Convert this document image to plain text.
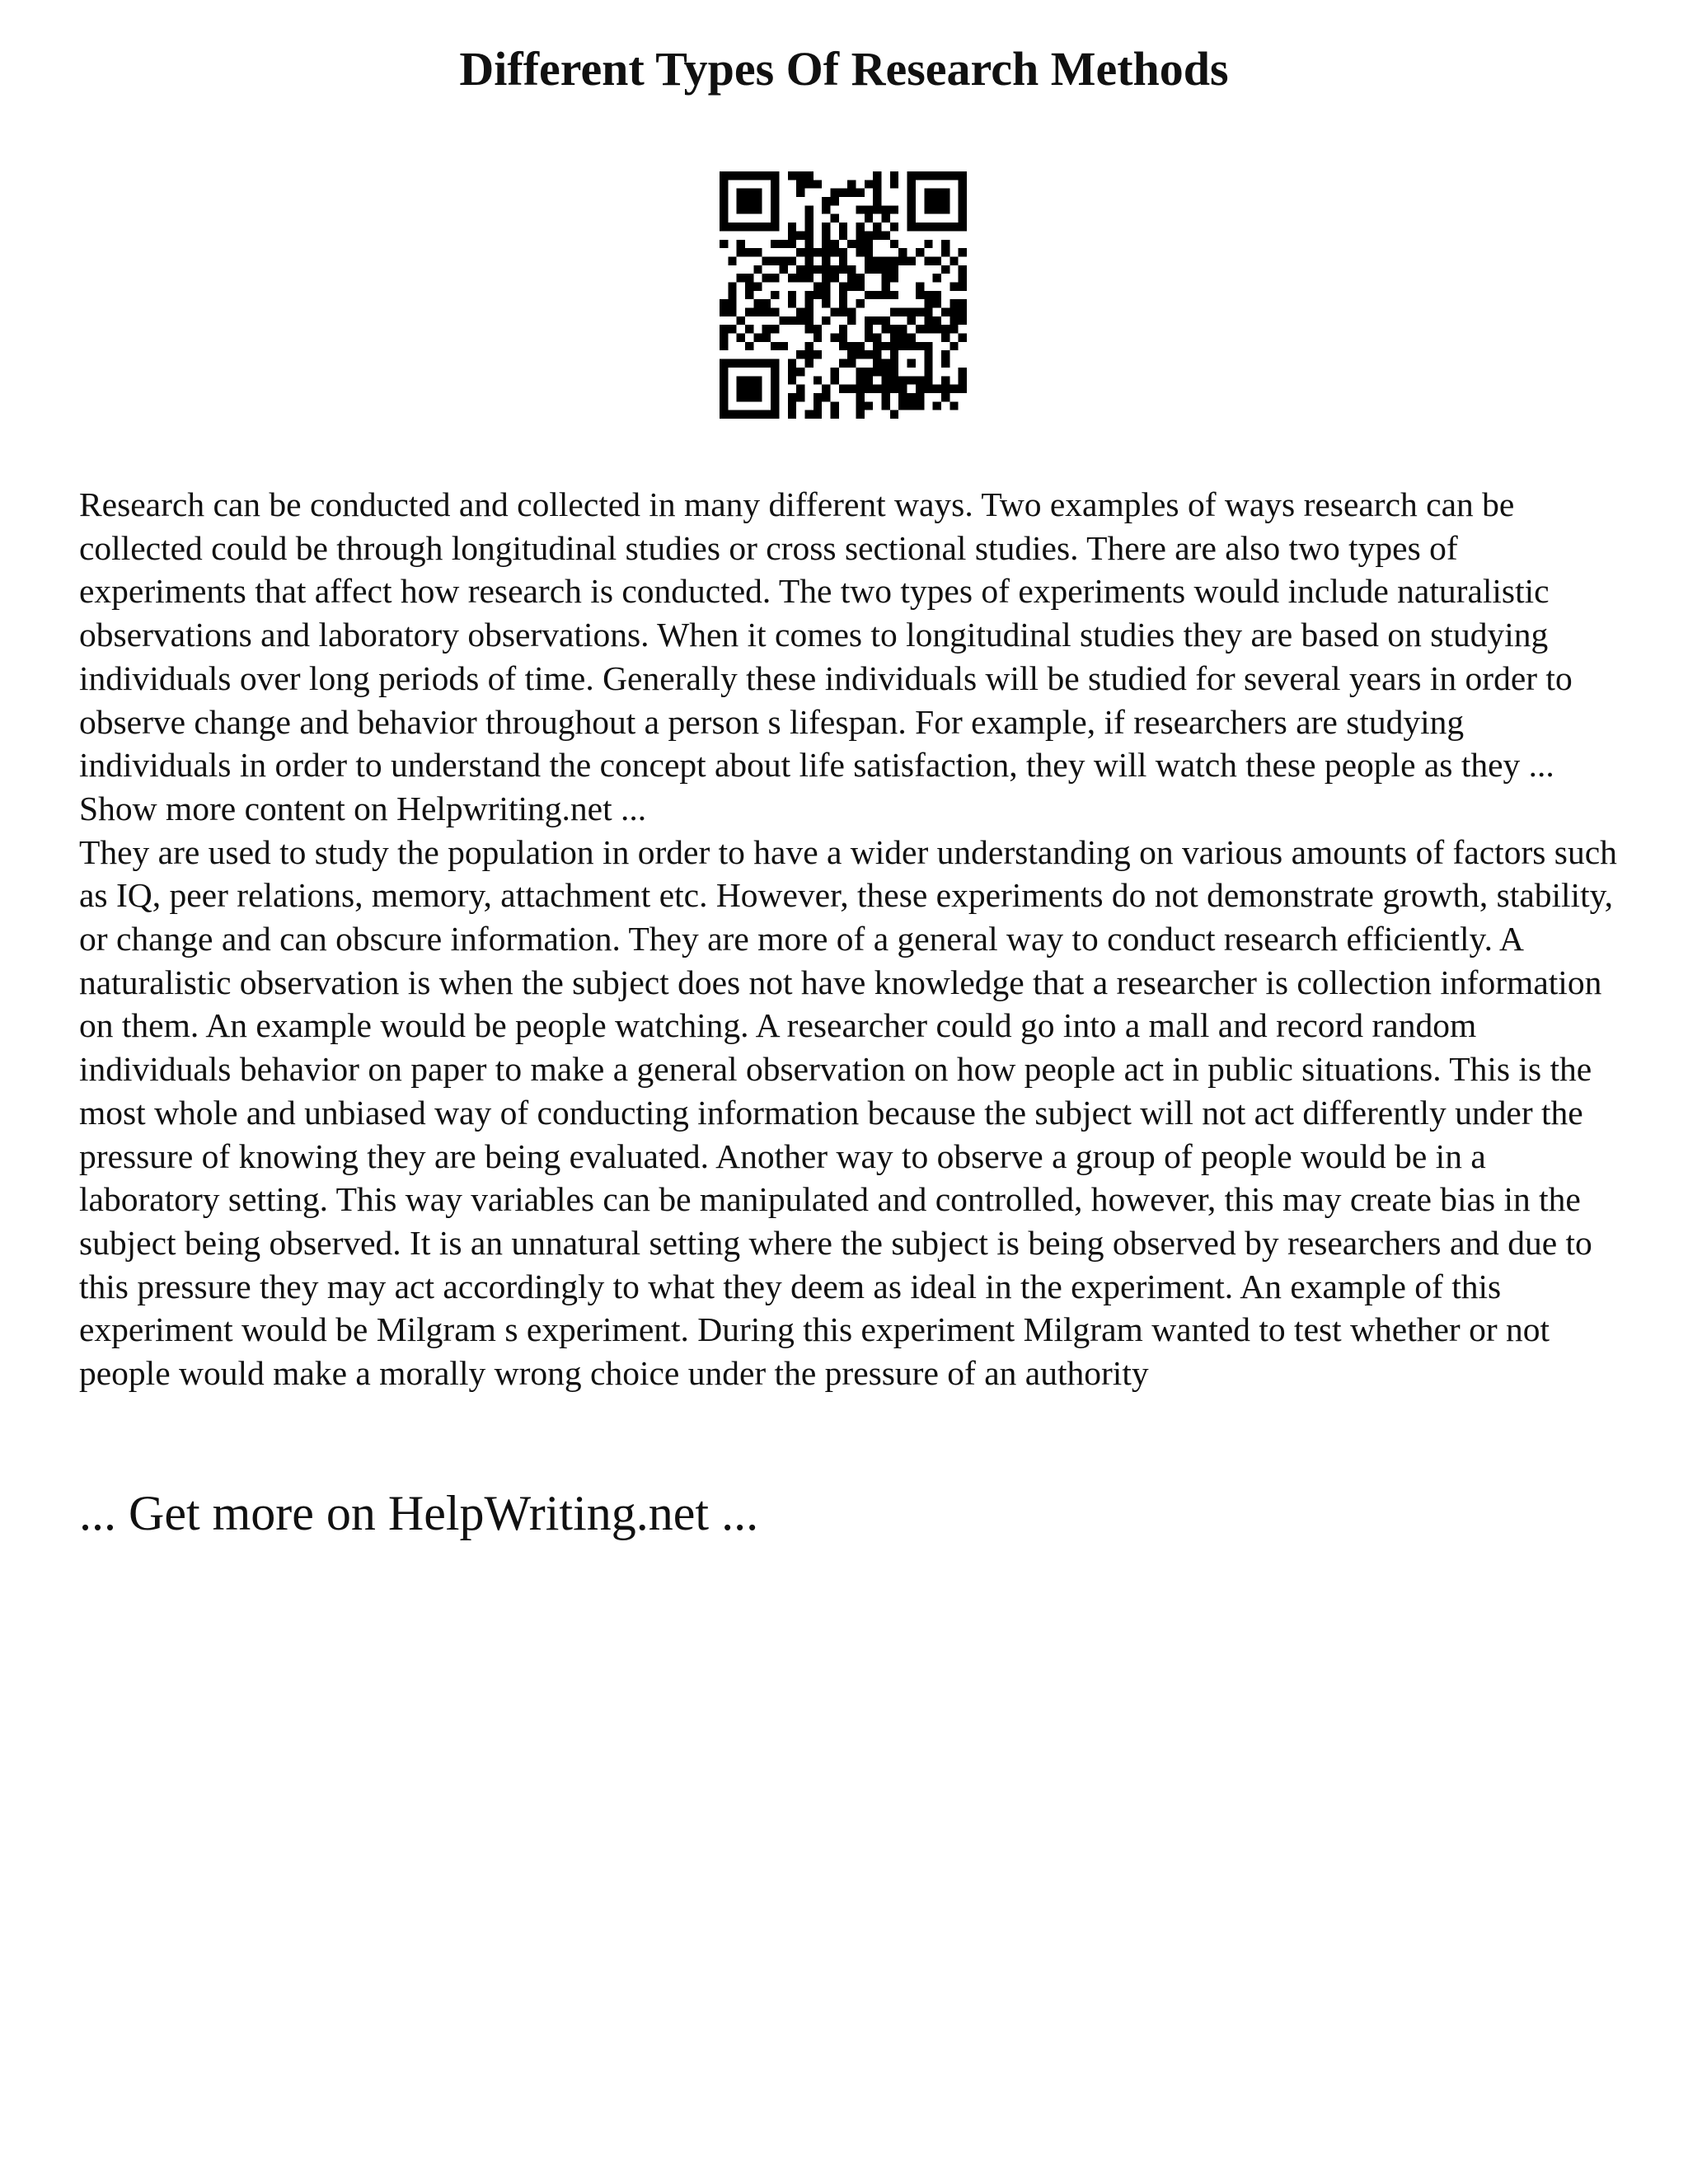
Different Types Of Research Methods

Research can be conducted and collected in many different ways. Two examples of ways research can be collected could be through longitudinal studies or cross sectional studies. There are also two types of experiments that affect how research is conducted. The two types of experiments would include naturalistic observations and laboratory observations. When it comes to longitudinal studies they are based on studying individuals over long periods of time. Generally these individuals will be studied for several years in order to observe change and behavior throughout a person s lifespan. For example, if researchers are studying individuals in order to understand the concept about life satisfaction, they will watch these people as they ... Show more content on Helpwriting.net ...

They are used to study the population in order to have a wider understanding on various amounts of factors such as IQ, peer relations, memory, attachment etc. However, these experiments do not demonstrate growth, stability, or change and can obscure information. They are more of a general way to conduct research efficiently. A naturalistic observation is when the subject does not have knowledge that a researcher is collection information on them. An example would be people watching. A researcher could go into a mall and record random individuals behavior on paper to make a general observation on how people act in public situations. This is the most whole and unbiased way of conducting information because the subject will not act differently under the pressure of knowing they are being evaluated. Another way to observe a group of people would be in a laboratory setting. This way variables can be manipulated and controlled, however, this may create bias in the subject being observed. It is an unnatural setting where the subject is being observed by researchers and due to this pressure they may act accordingly to what they deem as ideal in the experiment. An example of this experiment would be Milgram s experiment. During this experiment Milgram wanted to test whether or not people would make a morally wrong choice under the pressure of an authority

... Get more on HelpWriting.net ...
